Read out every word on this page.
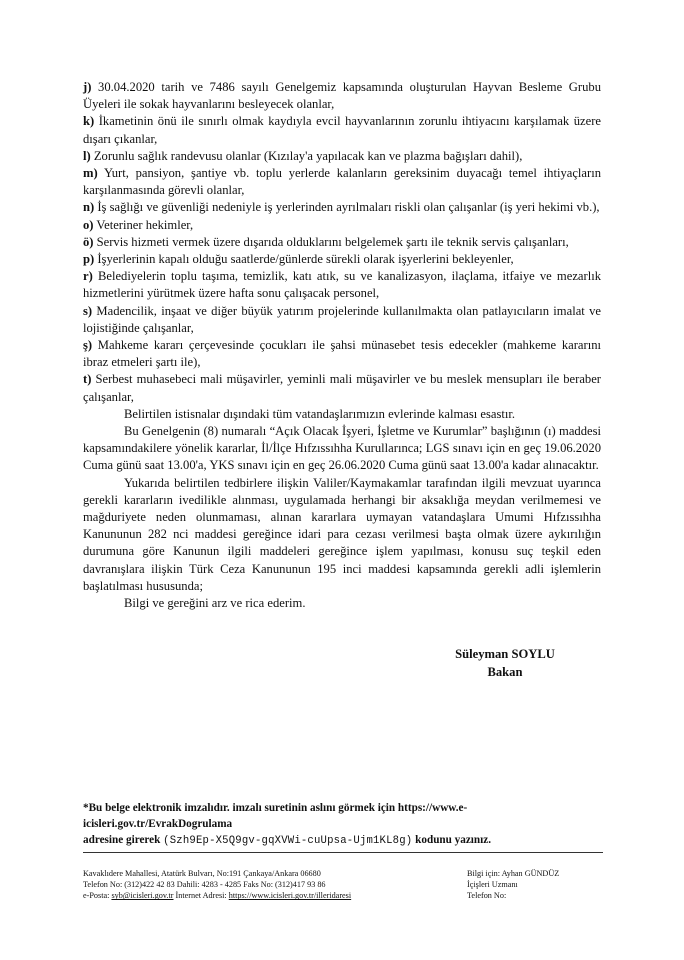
j) 30.04.2020 tarih ve 7486 sayılı Genelgemiz kapsamında oluşturulan Hayvan Besleme Grubu Üyeleri ile sokak hayvanlarını besleyecek olanlar,

k) İkametinin önü ile sınırlı olmak kaydıyla evcil hayvanlarının zorunlu ihtiyacını karşılamak üzere dışarı çıkanlar,

l) Zorunlu sağlık randevusu olanlar (Kızılay'a yapılacak kan ve plazma bağışları dahil),

m) Yurt, pansiyon, şantiye vb. toplu yerlerde kalanların gereksinim duyacağı temel ihtiyaçların karşılanmasında görevli olanlar,

n) İş sağlığı ve güvenliği nedeniyle iş yerlerinden ayrılmaları riskli olan çalışanlar (iş yeri hekimi vb.),

o) Veteriner hekimler,

ö) Servis hizmeti vermek üzere dışarıda olduklarını belgelemek şartı ile teknik servis çalışanları,

p) İşyerlerinin kapalı olduğu saatlerde/günlerde sürekli olarak işyerlerini bekleyenler,

r) Belediyelerin toplu taşıma, temizlik, katı atık, su ve kanalizasyon, ilaçlama, itfaiye ve mezarlık hizmetlerini yürütmek üzere hafta sonu çalışacak personel,

s) Madencilik, inşaat ve diğer büyük yatırım projelerinde kullanılmakta olan patlayıcıların imalat ve lojistiğinde çalışanlar,

ş) Mahkeme kararı çerçevesinde çocukları ile şahsi münasebet tesis edecekler (mahkeme kararını ibraz etmeleri şartı ile),

t) Serbest muhasebeci mali müşavirler, yeminli mali müşavirler ve bu meslek mensupları ile beraber çalışanlar,

Belirtilen istisnalar dışındaki tüm vatandaşlarımızın evlerinde kalması esastır.

Bu Genelgenin (8) numaralı “Açık Olacak İşyeri, İşletme ve Kurumlar” başlığının (ı) maddesi kapsamındakilere yönelik kararlar, İl/İlçe Hıfzıssıhha Kurullarınca; LGS sınavı için en geç 19.06.2020 Cuma günü saat 13.00'a, YKS sınavı için en geç 26.06.2020 Cuma günü saat 13.00'a kadar alınacaktır.

Yukarıda belirtilen tedbirlere ilişkin Valiler/Kaymakamlar tarafından ilgili mevzuat uyarınca gerekli kararların ivedilikle alınması, uygulamada herhangi bir aksaklığa meydan verilmemesi ve mağduriyete neden olunmaması, alınan kararlara uymayan vatandaşlara Umumi Hıfzıssıhha Kanununun 282 nci maddesi gereğince idari para cezası verilmesi başta olmak üzere aykırılığın durumuna göre Kanunun ilgili maddeleri gereğince işlem yapılması, konusu suç teşkil eden davranışlara ilişkin Türk Ceza Kanununun 195 inci maddesi kapsamında gerekli adli işlemlerin başlatılması hususunda;

Bilgi ve gereğini arz ve rica ederim.

Süleyman SOYLU
Bakan
*Bu belge elektronik imzalıdır. imzalı suretinin aslını görmek için https://www.e-icisleri.gov.tr/EvrakDogrulama
adresine girerek (Szh9Ep-X5Q9gv-gqXVWi-cuUpsa-Ujm1KL8g) kodunu yazınız.
Kavaklıdere Mahallesi, Atatürk Bulvarı, No:191 Çankaya/Ankara 06680
Telefon No: (312)422 42 83 Dahili: 4283 - 4285 Faks No: (312)417 93 86
e-Posta: syb@icisleri.gov.tr İnternet Adresi: https://www.icisleri.gov.tr/illeridaresi
Bilgi için: Ayhan GÜNDÜZ
İçişleri Uzmanı
Telefon No:
